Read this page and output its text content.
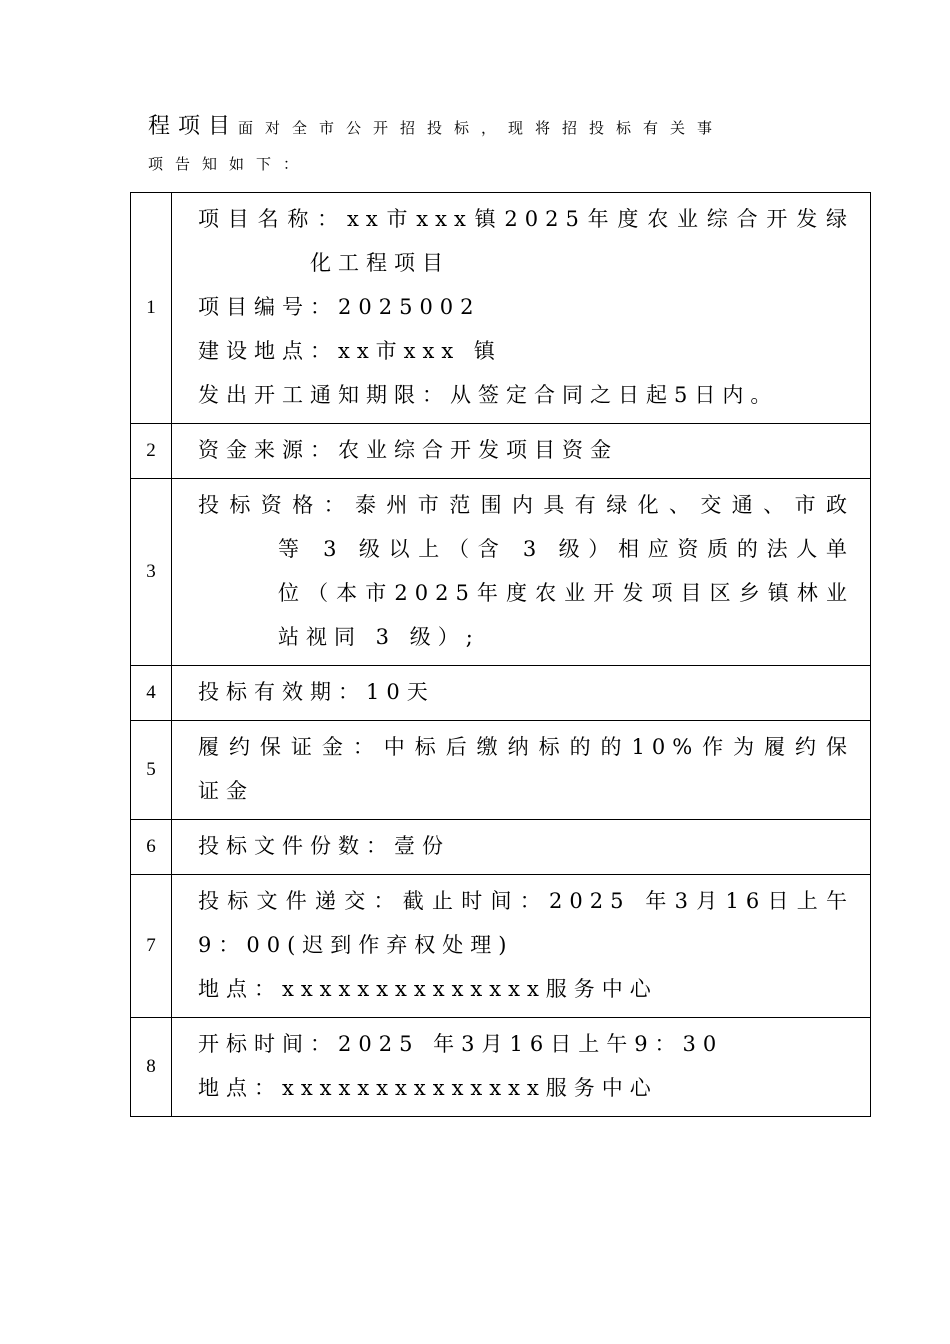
程项目面对全市公开招投标，现将招投标有关事
项告知如下：
1	项目名称：xx市xxx镇2025年度农业综合开发绿
化工程项目
项目编号：2025002
建设地点：xx市xxx 镇
发出开工通知期限：从签定合同之日起5日内。

2	资金来源：农业综合开发项目资金
3	投标资格：泰州市范围内具有绿化、交通、市政
等 3 级以上（含 3 级）相应资质的法人单
位（本市2025年度农业开发项目区乡镇林业
站视同 3 级）;

4	投标有效期：10天
5	履约保证金：中标后缴纳标的的10%作为履约保
证金

6	投标文件份数：壹份
7	投标文件递交：截止时间：2025 年3月16日上午
9：00(迟到作弃权处理)
地点：xxxxxxxxxxxxxx服务中心

8	开标时间：2025 年3月16日上午9：30
地点：xxxxxxxxxxxxxx服务中心
